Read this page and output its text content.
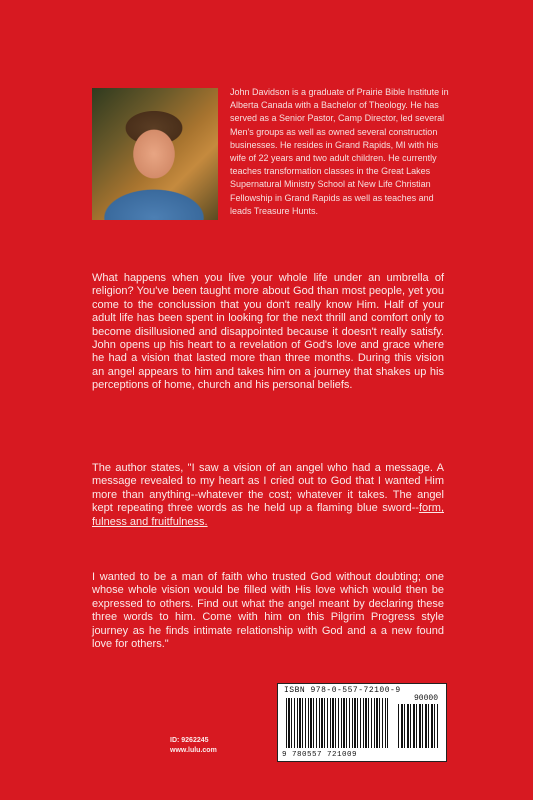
John Davidson is a graduate of Prairie Bible Institute in Alberta Canada with a Bachelor of Theology. He has served as a Senior Pastor, Camp Director, led several Men's groups as well as owned several construction businesses. He resides in Grand Rapids, MI with his wife of 22 years and two adult children. He currently teaches transformation classes in the Great Lakes Supernatural Ministry School at New Life Christian Fellowship in Grand Rapids as well as teaches and leads Treasure Hunts.
What happens when you live your whole life under an umbrella of religion? You've been taught more about God than most people, yet you come to the conclussion that you don't really know Him. Half of your adult life has been spent in looking for the next thrill and comfort only to become disillusioned and disappointed because it doesn't really satisfy. John opens up his heart to a revelation of God's love and grace where he had a vision that lasted more than three months. During this vision an angel appears to him and takes him on a journey that shakes up his perceptions of home, church and his personal beliefs.
The author states, "I saw a vision of an angel who had a message. A message revealed to my heart as I cried out to God that I wanted Him more than anything--whatever the cost; whatever it takes. The angel kept repeating three words as he held up a flaming blue sword--form, fulness and fruitfulness.
I wanted to be a man of faith who trusted God without doubting; one whose whole vision would be filled with His love which would then be expressed to others. Find out what the angel meant by declaring these three words to him. Come with him on this Pilgrim Progress style journey as he finds intimate relationship with God and a a new found love for others."
ID: 9262245
www.lulu.com
ISBN 978-0-557-72100-9
90000
9 780557 721009
